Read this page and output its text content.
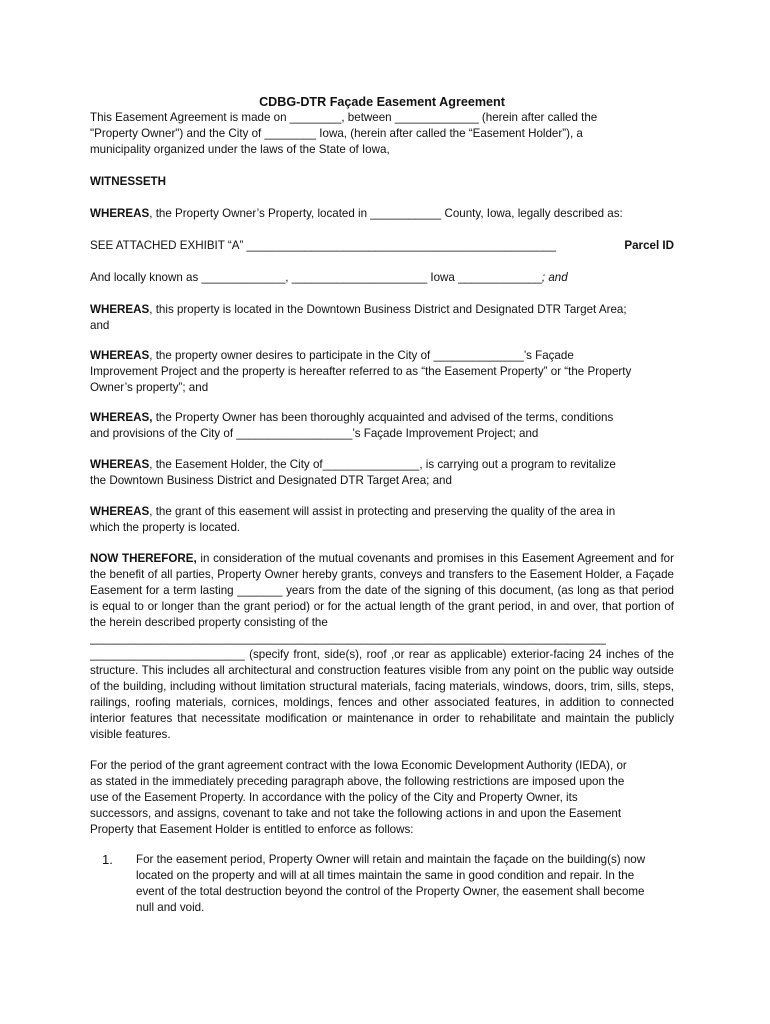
CDBG-DTR Façade Easement Agreement

This Easement Agreement is made on ________, between _____________ (herein after called the
"Property Owner") and the City of ________ Iowa, (herein after called the “Easement Holder”), a
municipality organized under the laws of the State of Iowa,

WITNESSETH

WHEREAS, the Property Owner’s Property, located in ___________ County, Iowa, legally described as:

SEE ATTACHED EXHIBIT “A” ________________________________________________	Parcel ID

And locally known as _____________, _____________________ Iowa _____________; and

WHEREAS, this property is located in the Downtown Business District and Designated DTR Target Area;
and

WHEREAS, the property owner desires to participate in the City of ______________’s Façade
Improvement Project and the property is hereafter referred to as “the Easement Property” or “the Property
Owner’s property”; and

WHEREAS, the Property Owner has been thoroughly acquainted and advised of the terms, conditions
and provisions of the City of __________________’s Façade Improvement Project; and

WHEREAS, the Easement Holder, the City of_______________, is carrying out a program to revitalize
the Downtown Business District and Designated DTR Target Area; and

WHEREAS, the grant of this easement will assist in protecting and preserving the quality of the area in
which the property is located.

NOW THEREFORE, in consideration of the mutual covenants and promises in this Easement Agreement and for the benefit of all parties, Property Owner hereby grants, conveys and transfers to the Easement Holder, a Façade Easement for a term lasting _______ years from the date of the signing of this document, (as long as that period is equal to or longer than the grant period) or for the actual length of the grant period, in and over, that portion of the herein described property consisting of the

________________________________________________________________________________

________________________ (specify front, side(s), roof ,or rear as applicable) exterior-facing 24 inches of the structure. This includes all architectural and construction features visible from any point on the public way outside of the building, including without limitation structural materials, facing materials, windows, doors, trim, sills, steps, railings, roofing materials, cornices, moldings, fences and other associated features, in addition to connected interior features that necessitate modification or maintenance in order to rehabilitate and maintain the publicly visible features.

For the period of the grant agreement contract with the Iowa Economic Development Authority (IEDA), or
as stated in the immediately preceding paragraph above, the following restrictions are imposed upon the
use of the Easement Property. In accordance with the policy of the City and Property Owner, its
successors, and assigns, covenant to take and not take the following actions in and upon the Easement
Property that Easement Holder is entitled to enforce as follows:

1.	For the easement period, Property Owner will retain and maintain the façade on the building(s) now
located on the property and will at all times maintain the same in good condition and repair. In the
event of the total destruction beyond the control of the Property Owner, the easement shall become
null and void.
